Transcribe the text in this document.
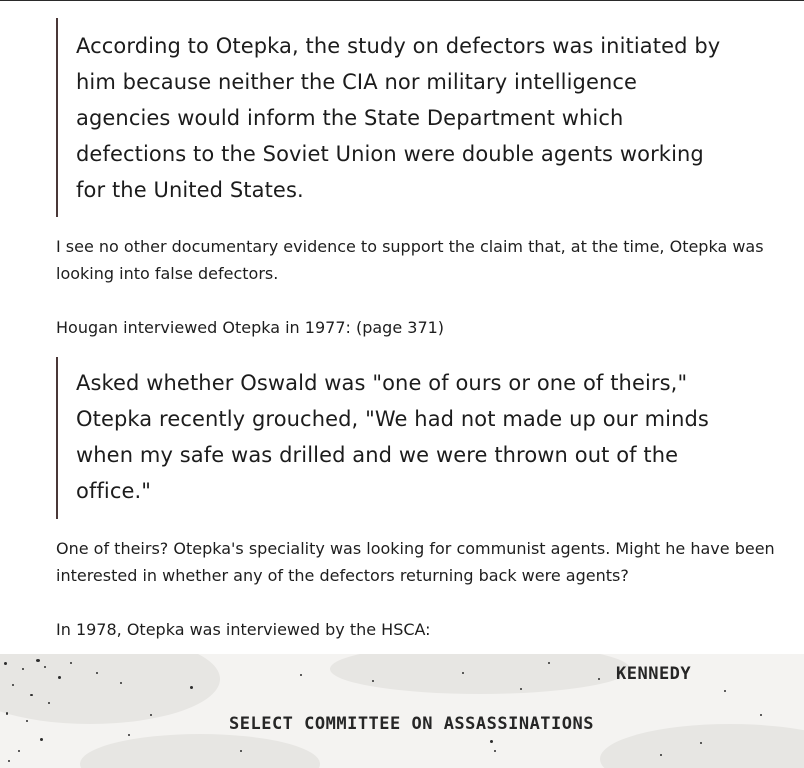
According to Otepka, the study on defectors was initiated by him because neither the CIA nor military intelligence agencies would inform the State Department which defections to the Soviet Union were double agents working for the United States.

I see no other documentary evidence to support the claim that, at the time, Otepka was looking into false defectors.

Hougan interviewed Otepka in 1977: (page 371)

Asked whether Oswald was "one of ours or one of theirs," Otepka recently grouched, "We had not made up our minds when my safe was drilled and we were thrown out of the office."

One of theirs? Otepka's speciality was looking for communist agents. Might he have been interested in whether any of the defectors returning back were agents?

In 1978, Otepka was interviewed by the HSCA:

KENNEDY
SELECT COMMITTEE ON ASSASSINATIONS
